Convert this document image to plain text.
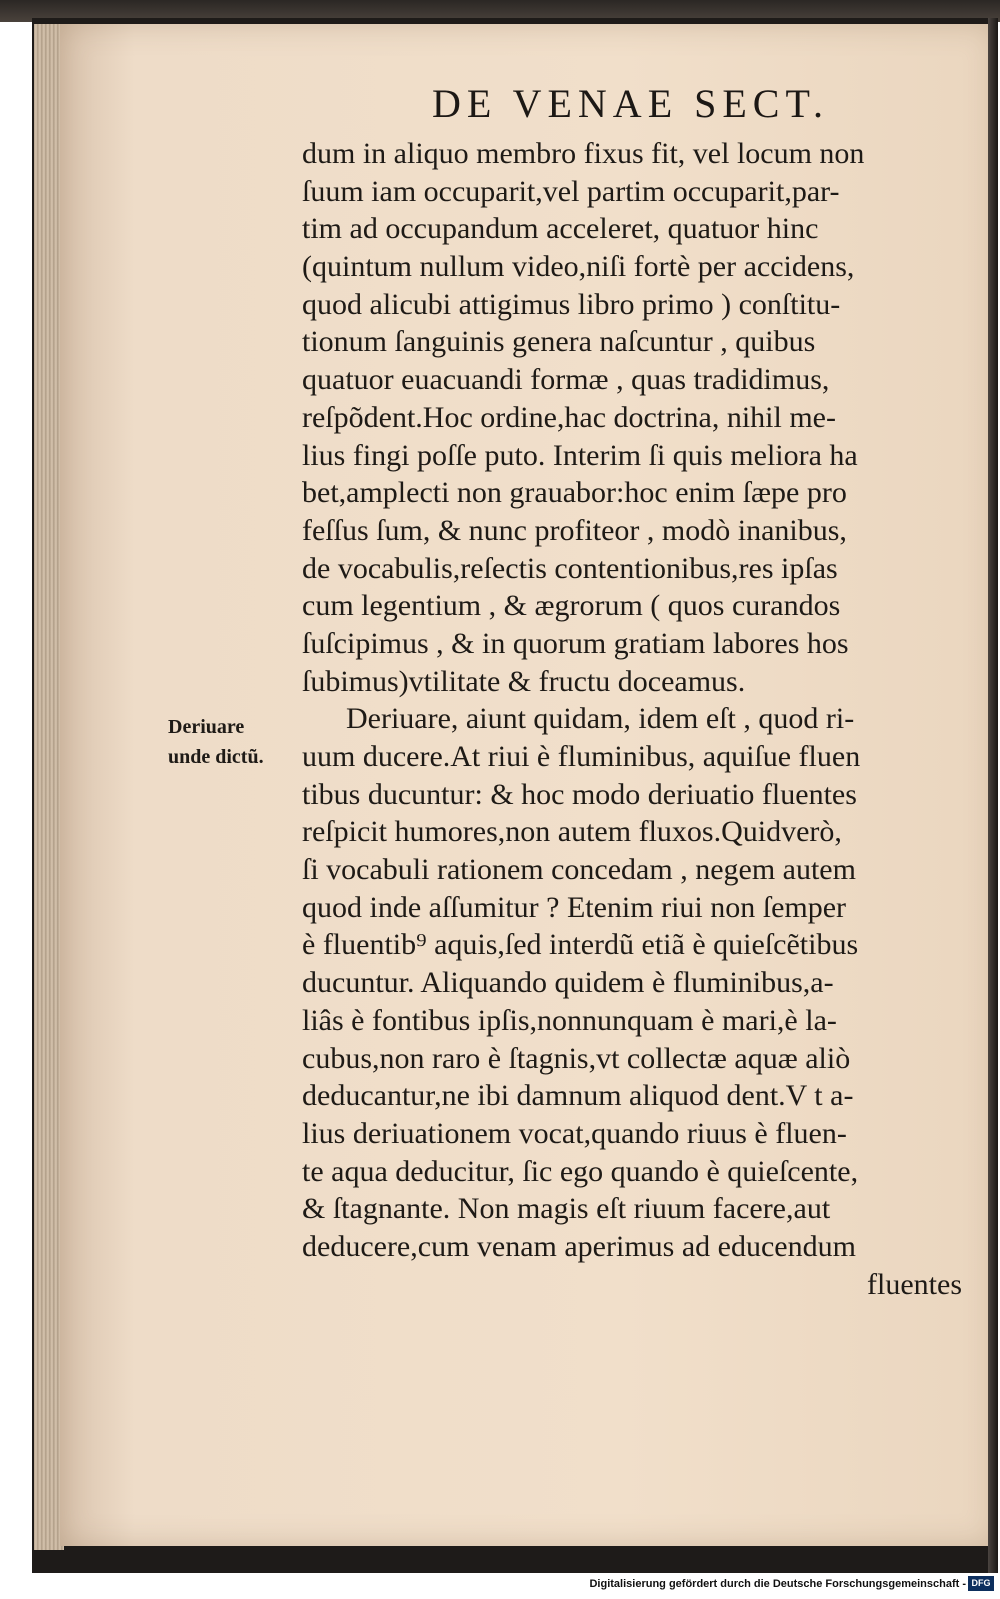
DE VENAE SECT.
Deriuare
unde dictũ.
dum in aliquo membro fixus fit, vel locum non
ſuum iam occuparit,vel partim occuparit,par-
tim ad occupandum acceleret, quatuor hinc
(quintum nullum video,niſi fortè per accidens,
quod alicubi attigimus libro primo ) conſtitu-
tionum ſanguinis genera naſcuntur , quibus
quatuor euacuandi formæ , quas tradidimus,
reſpõdent.Hoc ordine,hac doctrina, nihil me-
lius fingi poſſe puto. Interim ſi quis meliora ha
bet,amplecti non grauabor:hoc enim ſæpe pro
feſſus ſum, & nunc profiteor , modò inanibus,
de vocabulis,reſectis contentionibus,res ipſas
cum legentium , & ægrorum ( quos curandos
ſuſcipimus , & in quorum gratiam labores hos
ſubimus)vtilitate & fructu doceamus.
Deriuare, aiunt quidam, idem eſt , quod ri-
uum ducere.At riui è fluminibus, aquiſue fluen
tibus ducuntur: & hoc modo deriuatio fluentes
reſpicit humores,non autem fluxos.Quidverò,
ſi vocabuli rationem concedam , negem autem
quod inde aſſumitur ? Etenim riui non ſemper
è fluentib⁹ aquis,ſed interdũ etiã è quieſcẽtibus
ducuntur. Aliquando quidem è fluminibus,a-
liâs è fontibus ipſis,nonnunquam è mari,è la-
cubus,non raro è ſtagnis,vt collectæ aquæ aliò
deducantur,ne ibi damnum aliquod dent.V t a-
lius deriuationem vocat,quando riuus è fluen-
te aqua deducitur, ſic ego quando è quieſcente,
& ſtagnante. Non magis eſt riuum facere,aut
deducere,cum venam aperimus ad educendum
fluentes
Digitalisierung gefördert durch die Deutsche Forschungsgemeinschaft - DFG
